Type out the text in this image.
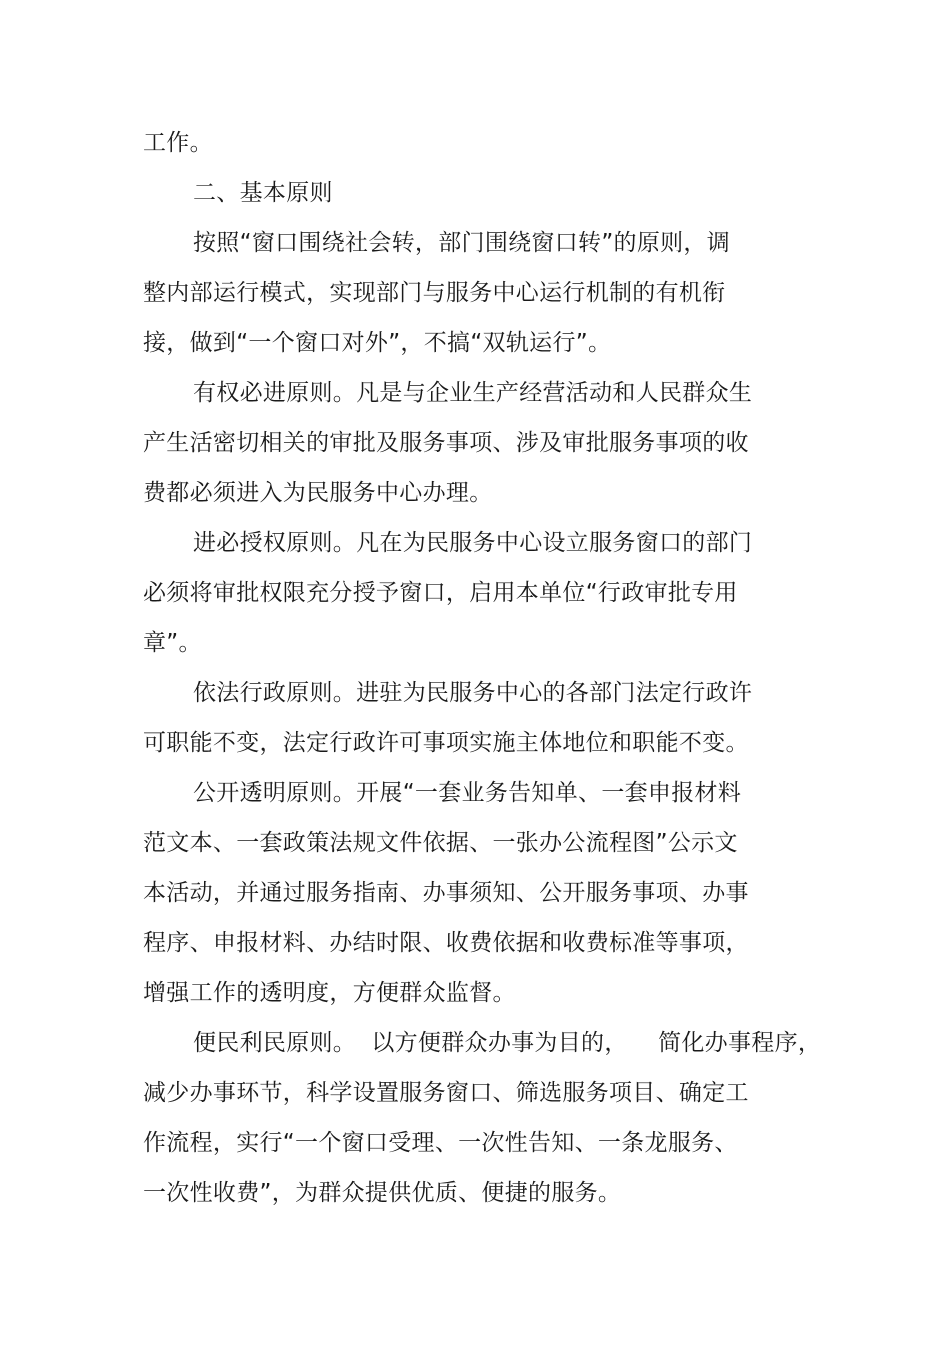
工作。
二、基本原则
按照“窗口围绕社会转，部门围绕窗口转”的原则，调
整内部运行模式，实现部门与服务中心运行机制的有机衔
接，做到“一个窗口对外”，不搞“双轨运行”。
有权必进原则。凡是与企业生产经营活动和人民群众生
产生活密切相关的审批及服务事项、涉及审批服务事项的收
费都必须进入为民服务中心办理。
进必授权原则。凡在为民服务中心设立服务窗口的部门
必须将审批权限充分授予窗口，启用本单位“行政审批专用
章”。
依法行政原则。进驻为民服务中心的各部门法定行政许
可职能不变，法定行政许可事项实施主体地位和职能不变。
公开透明原则。开展“一套业务告知单、一套申报材料
范文本、一套政策法规文件依据、一张办公流程图”公示文
本活动，并通过服务指南、办事须知、公开服务事项、办事
程序、申报材料、办结时限、收费依据和收费标准等事项，
增强工作的透明度，方便群众监督。
便民利民原则。  以方便群众办事为目的，    简化办事程序，
减少办事环节，科学设置服务窗口、筛选服务项目、确定工
作流程，实行“一个窗口受理、一次性告知、一条龙服务、
一次性收费”，为群众提供优质、便捷的服务。
